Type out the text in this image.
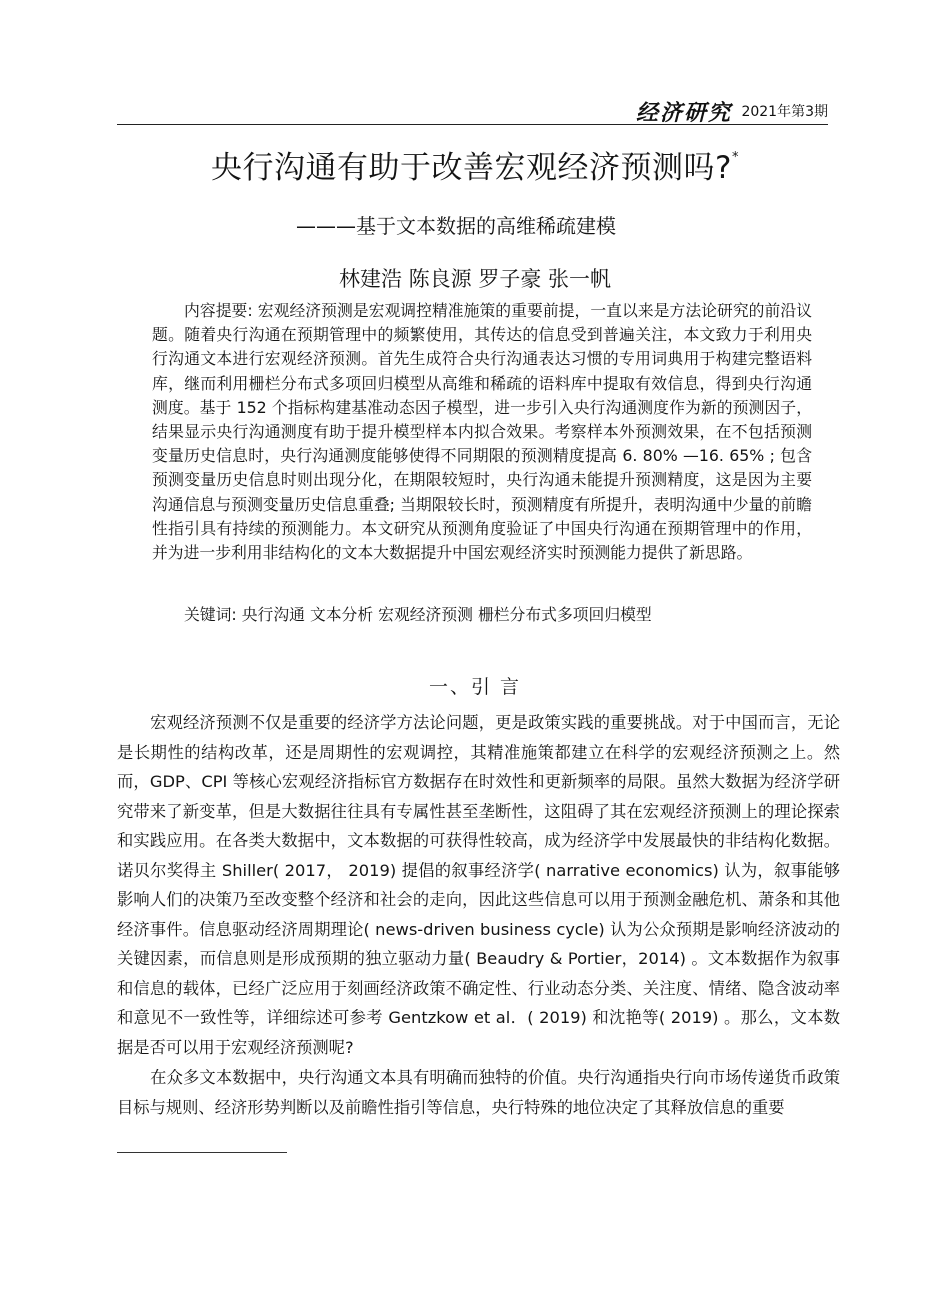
经济研究 2021年第3期
央行沟通有助于改善宏观经济预测吗?*
———基于文本数据的高维稀疏建模
林建浩 陈良源 罗子豪 张一帆

内容提要: 宏观经济预测是宏观调控精准施策的重要前提，一直以来是方法论研究的前沿议题。随着央行沟通在预期管理中的频繁使用，其传达的信息受到普遍关注，本文致力于利用央行沟通文本进行宏观经济预测。首先生成符合央行沟通表达习惯的专用词典用于构建完整语料库，继而利用栅栏分布式多项回归模型从高维和稀疏的语料库中提取有效信息，得到央行沟通测度。基于 152 个指标构建基准动态因子模型，进一步引入央行沟通测度作为新的预测因子，结果显示央行沟通测度有助于提升模型样本内拟合效果。考察样本外预测效果，在不包括预测变量历史信息时，央行沟通测度能够使得不同期限的预测精度提高 6. 80% —16. 65% ; 包含预测变量历史信息时则出现分化，在期限较短时，央行沟通未能提升预测精度，这是因为主要沟通信息与预测变量历史信息重叠; 当期限较长时，预测精度有所提升，表明沟通中少量的前瞻性指引具有持续的预测能力。本文研究从预测角度验证了中国央行沟通在预期管理中的作用，并为进一步利用非结构化的文本大数据提升中国宏观经济实时预测能力提供了新思路。

关键词: 央行沟通 文本分析 宏观经济预测 栅栏分布式多项回归模型
一、引 言

宏观经济预测不仅是重要的经济学方法论问题，更是政策实践的重要挑战。对于中国而言，无论是长期性的结构改革，还是周期性的宏观调控，其精准施策都建立在科学的宏观经济预测之上。然而，GDP、CPI 等核心宏观经济指标官方数据存在时效性和更新频率的局限。虽然大数据为经济学研究带来了新变革，但是大数据往往具有专属性甚至垄断性，这阻碍了其在宏观经济预测上的理论探索和实践应用。在各类大数据中，文本数据的可获得性较高，成为经济学中发展最快的非结构化数据。诺贝尔奖得主 Shiller( 2017， 2019) 提倡的叙事经济学( narrative economics) 认为，叙事能够影响人们的决策乃至改变整个经济和社会的走向，因此这些信息可以用于预测金融危机、萧条和其他经济事件。信息驱动经济周期理论( news-driven business cycle) 认为公众预期是影响经济波动的关键因素，而信息则是形成预期的独立驱动力量( Beaudry & Portier，2014) 。文本数据作为叙事和信息的载体，已经广泛应用于刻画经济政策不确定性、行业动态分类、关注度、情绪、隐含波动率和意见不一致性等，详细综述可参考 Gentzkow et al．( 2019) 和沈艳等( 2019) 。那么，文本数据是否可以用于宏观经济预测呢?

在众多文本数据中，央行沟通文本具有明确而独特的价值。央行沟通指央行向市场传递货币政策目标与规则、经济形势判断以及前瞻性指引等信息，央行特殊的地位决定了其释放信息的重要
